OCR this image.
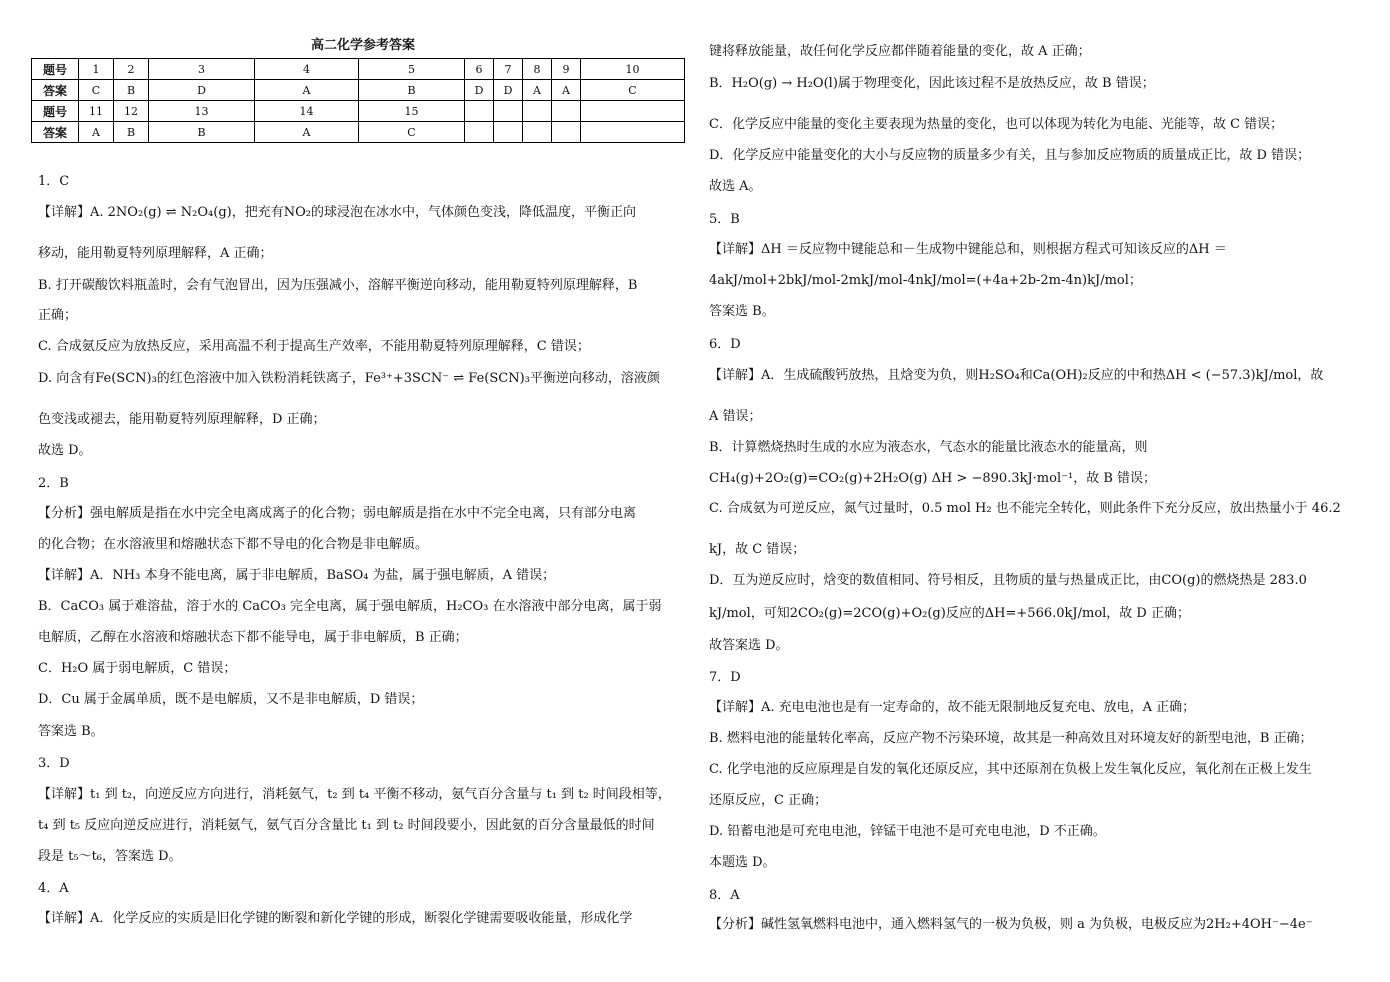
高二化学参考答案
1．C
【详解】A. 2NO₂(g) ⇌ N₂O₄(g)，把充有NO₂的球浸泡在冰水中，气体颜色变浅，降低温度，平衡正向
移动，能用勒夏特列原理解释，A 正确；
B. 打开碳酸饮料瓶盖时，会有气泡冒出，因为压强减小，溶解平衡逆向移动，能用勒夏特列原理解释，B
正确；
C. 合成氨反应为放热反应，采用高温不利于提高生产效率，不能用勒夏特列原理解释，C 错误；
D. 向含有Fe(SCN)₃的红色溶液中加入铁粉消耗铁离子，Fe³⁺+3SCN⁻ ⇌ Fe(SCN)₃平衡逆向移动，溶液颜
色变浅或褪去，能用勒夏特列原理解释，D 正确；
故选 D。
2．B
【分析】强电解质是指在水中完全电离成离子的化合物；弱电解质是指在水中不完全电离，只有部分电离
的化合物；在水溶液里和熔融状态下都不导电的化合物是非电解质。
【详解】A．NH₃ 本身不能电离，属于非电解质，BaSO₄ 为盐，属于强电解质，A 错误；
B．CaCO₃ 属于难溶盐，溶于水的 CaCO₃ 完全电离，属于强电解质，H₂CO₃ 在水溶液中部分电离，属于弱
电解质，乙醇在水溶液和熔融状态下都不能导电，属于非电解质，B 正确；
C．H₂O 属于弱电解质，C 错误；
D．Cu 属于金属单质，既不是电解质，又不是非电解质，D 错误；
答案选 B。
3．D
【详解】t₁ 到 t₂，向逆反应方向进行，消耗氨气，t₂ 到 t₄ 平衡不移动，氨气百分含量与 t₁ 到 t₂ 时间段相等，
t₄ 到 t₅ 反应向逆反应进行，消耗氨气，氨气百分含量比 t₁ 到 t₂ 时间段要小，因此氨的百分含量最低的时间
段是 t₅～t₆，答案选 D。
4．A
【详解】A．化学反应的实质是旧化学键的断裂和新化学键的形成，断裂化学键需要吸收能量，形成化学
题号	1	2	3	4	5	6	7	8	9	10
答案	C	B	D	A	B	D	D	A	A	C
题号	11	12	13	14	15					
答案	A	B	B	A	C					
键将释放能量，故任何化学反应都伴随着能量的变化，故 A 正确；
B．H₂O(g) → H₂O(l)属于物理变化，因此该过程不是放热反应，故 B 错误；
C．化学反应中能量的变化主要表现为热量的变化，也可以体现为转化为电能、光能等，故 C 错误；
D．化学反应中能量变化的大小与反应物的质量多少有关，且与参加反应物质的质量成正比，故 D 错误；
故选 A。
5．B
【详解】ΔH ＝反应物中键能总和－生成物中键能总和，则根据方程式可知该反应的ΔH ＝
4akJ/mol+2bkJ/mol-2mkJ/mol-4nkJ/mol=(+4a+2b-2m-4n)kJ/mol；
答案选 B。
6．D
【详解】A．生成硫酸钙放热，且焓变为负，则H₂SO₄和Ca(OH)₂反应的中和热ΔH < (−57.3)kJ/mol，故
A 错误；
B．计算燃烧热时生成的水应为液态水，气态水的能量比液态水的能量高，则
CH₄(g)+2O₂(g)=CO₂(g)+2H₂O(g) ΔH > −890.3kJ·mol⁻¹，故 B 错误；
C. 合成氨为可逆反应，氮气过量时，0.5 mol H₂ 也不能完全转化，则此条件下充分反应，放出热量小于 46.2
kJ，故 C 错误；
D．互为逆反应时，焓变的数值相同、符号相反，且物质的量与热量成正比，由CO(g)的燃烧热是 283.0
kJ/mol，可知2CO₂(g)=2CO(g)+O₂(g)反应的ΔH=+566.0kJ/mol，故 D 正确；
故答案选 D。
7．D
【详解】A. 充电电池也是有一定寿命的，故不能无限制地反复充电、放电，A 正确；
B. 燃料电池的能量转化率高，反应产物不污染环境，故其是一种高效且对环境友好的新型电池，B 正确；
C. 化学电池的反应原理是自发的氧化还原反应，其中还原剂在负极上发生氧化反应，氧化剂在正极上发生
还原反应，C 正确；
D. 铅蓄电池是可充电电池，锌锰干电池不是可充电电池，D 不正确。
本题选 D。
8．A
【分析】碱性氢氧燃料电池中，通入燃料氢气的一极为负极，则 a 为负极，电极反应为2H₂+4OH⁻−4e⁻
